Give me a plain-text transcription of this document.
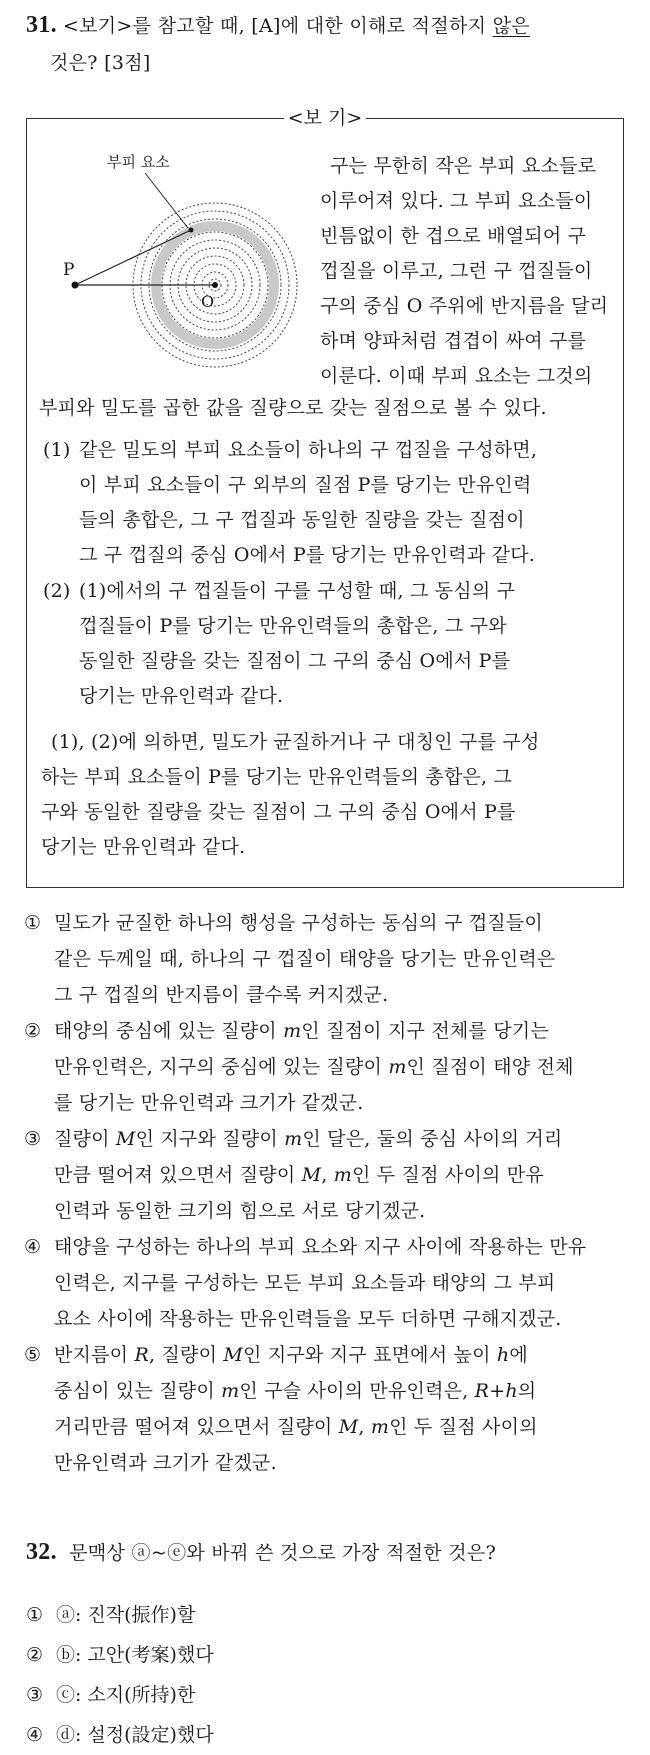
31. <보기>를 참고할 때, [A]에 대한 이해로 적절하지 않은
것은? [3점]
<보 기>
부피 요소
P
O
구는 무한히 작은 부피 요소들로
이루어져 있다. 그 부피 요소들이
빈틈없이 한 겹으로 배열되어 구
껍질을 이루고, 그런 구 껍질들이
구의 중심 O 주위에 반지름을 달리
하며 양파처럼 겹겹이 싸여 구를
이룬다. 이때 부피 요소는 그것의
부피와 밀도를 곱한 값을 질량으로 갖는 질점으로 볼 수 있다.
(1) 같은 밀도의 부피 요소들이 하나의 구 껍질을 구성하면,
이 부피 요소들이 구 외부의 질점 P를 당기는 만유인력
들의 총합은, 그 구 껍질과 동일한 질량을 갖는 질점이
그 구 껍질의 중심 O에서 P를 당기는 만유인력과 같다.
(2) (1)에서의 구 껍질들이 구를 구성할 때, 그 동심의 구
껍질들이 P를 당기는 만유인력들의 총합은, 그 구와
동일한 질량을 갖는 질점이 그 구의 중심 O에서 P를
당기는 만유인력과 같다.
(1), (2)에 의하면, 밀도가 균질하거나 구 대칭인 구를 구성
하는 부피 요소들이 P를 당기는 만유인력들의 총합은, 그
구와 동일한 질량을 갖는 질점이 그 구의 중심 O에서 P를
당기는 만유인력과 같다.
① 밀도가 균질한 하나의 행성을 구성하는 동심의 구 껍질들이
같은 두께일 때, 하나의 구 껍질이 태양을 당기는 만유인력은
그 구 껍질의 반지름이 클수록 커지겠군.
② 태양의 중심에 있는 질량이 m인 질점이 지구 전체를 당기는
만유인력은, 지구의 중심에 있는 질량이 m인 질점이 태양 전체
를 당기는 만유인력과 크기가 같겠군.
③ 질량이 M인 지구와 질량이 m인 달은, 둘의 중심 사이의 거리
만큼 떨어져 있으면서 질량이 M, m인 두 질점 사이의 만유
인력과 동일한 크기의 힘으로 서로 당기겠군.
④ 태양을 구성하는 하나의 부피 요소와 지구 사이에 작용하는 만유
인력은, 지구를 구성하는 모든 부피 요소들과 태양의 그 부피
요소 사이에 작용하는 만유인력들을 모두 더하면 구해지겠군.
⑤ 반지름이 R, 질량이 M인 지구와 지구 표면에서 높이 h에
중심이 있는 질량이 m인 구슬 사이의 만유인력은, R+h의
거리만큼 떨어져 있으면서 질량이 M, m인 두 질점 사이의
만유인력과 크기가 같겠군.
32. 문맥상 ⓐ~ⓔ와 바꿔 쓴 것으로 가장 적절한 것은?
① ⓐ: 진작(振作)할
② ⓑ: 고안(考案)했다
③ ⓒ: 소지(所持)한
④ ⓓ: 설정(設定)했다
